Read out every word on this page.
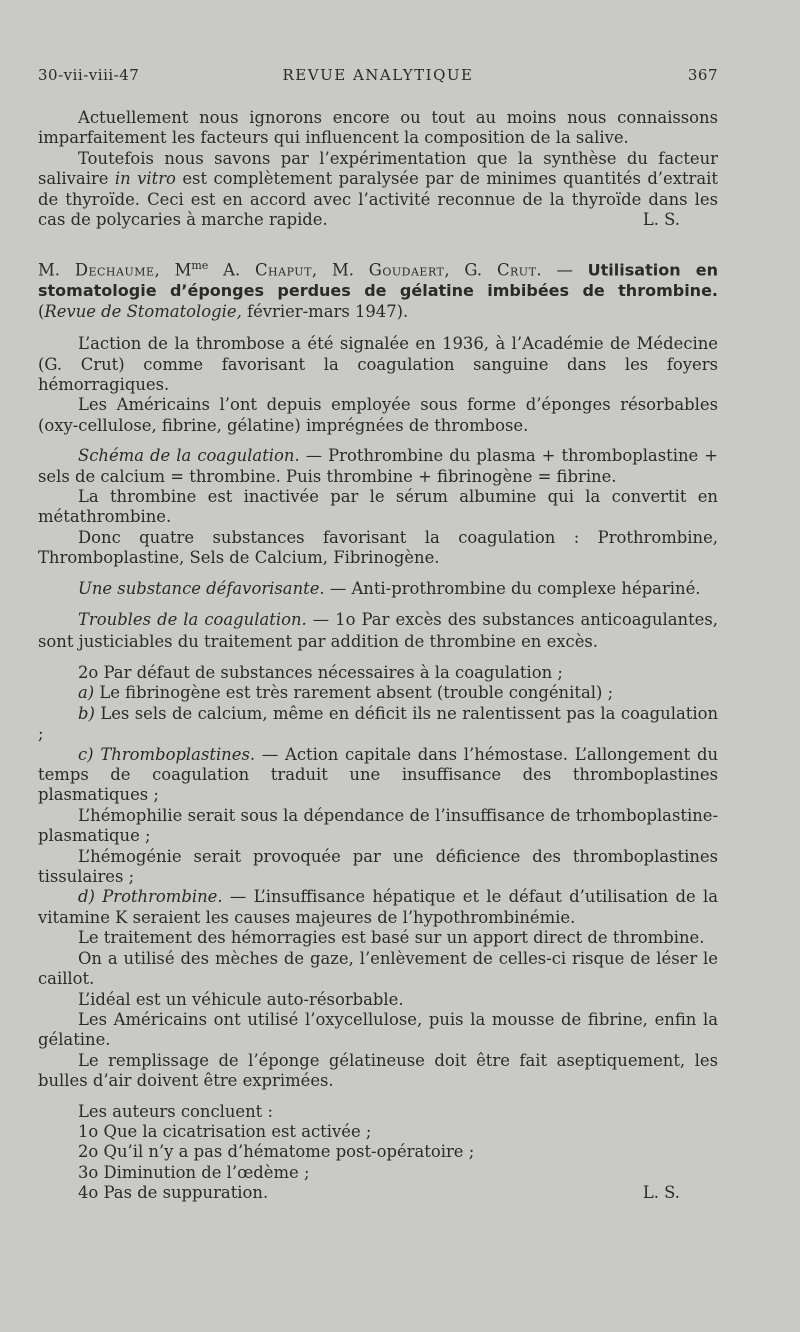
30-vii-viii-47	REVUE ANALYTIQUE	367

Actuellement nous ignorons encore ou tout au moins nous connaissons imparfaitement les facteurs qui influencent la composition de la salive.

Toutefois nous savons par l’expérimentation que la synthèse du facteur salivaire in vitro est complètement paralysée par de minimes quantités d’extrait de thyroïde. Ceci est en accord avec l’activité reconnue de la thyroïde dans les cas de polycaries à marche rapide.	L. S.

M. Dechaume, $M^{me}$ A. Chaput, M. Goudaert, G. Crut. — Utilisation en stomatologie d’éponges perdues de gélatine imbibées de thrombine. (Revue de Stomatologie, février-mars 1947).

L’action de la thrombose a été signalée en 1936, à l’Académie de Médecine (G. Crut) comme favorisant la coagulation sanguine dans les foyers hémorragiques.

Les Américains l’ont depuis employée sous forme d’éponges résorbables (oxy-cellulose, fibrine, gélatine) imprégnées de thrombose.

Schéma de la coagulation. — Prothrombine du plasma + thromboplastine + sels de calcium = thrombine. Puis thrombine + fibrinogène = fibrine.

La thrombine est inactivée par le sérum albumine qui la convertit en métathrombine.

Donc quatre substances favorisant la coagulation : Prothrombine, Thromboplastine, Sels de Calcium, Fibrinogène.

Une substance défavorisante. — Anti-prothrombine du complexe hépariné.

Troubles de la coagulation. — 1o Par excès des substances anticoagulantes, sont justiciables du traitement par addition de thrombine en excès.

2o Par défaut de substances nécessaires à la coagulation ;

a) Le fibrinogène est très rarement absent (trouble congénital) ;

b) Les sels de calcium, même en déficit ils ne ralentissent pas la coagulation ;

c) Thromboplastines. — Action capitale dans l’hémostase. L’allongement du temps de coagulation traduit une insuffisance des thromboplastines plasmatiques ;

L’hémophilie serait sous la dépendance de l’insuffisance de trhomboplastine-plasmatique ;

L’hémogénie serait provoquée par une déficience des thromboplastines tissulaires ;

d) Prothrombine. — L’insuffisance hépatique et le défaut d’utilisation de la vitamine K seraient les causes majeures de l’hypothrombinémie.

Le traitement des hémorragies est basé sur un apport direct de thrombine.

On a utilisé des mèches de gaze, l’enlèvement de celles-ci risque de léser le caillot.

L’idéal est un véhicule auto-résorbable.

Les Américains ont utilisé l’oxycellulose, puis la mousse de fibrine, enfin la gélatine.

Le remplissage de l’éponge gélatineuse doit être fait aseptiquement, les bulles d’air doivent être exprimées.

Les auteurs concluent :

1o Que la cicatrisation est activée ;

2o Qu’il n’y a pas d’hématome post-opératoire ;

3o Diminution de l’œdème ;

4o Pas de suppuration.	L. S.
